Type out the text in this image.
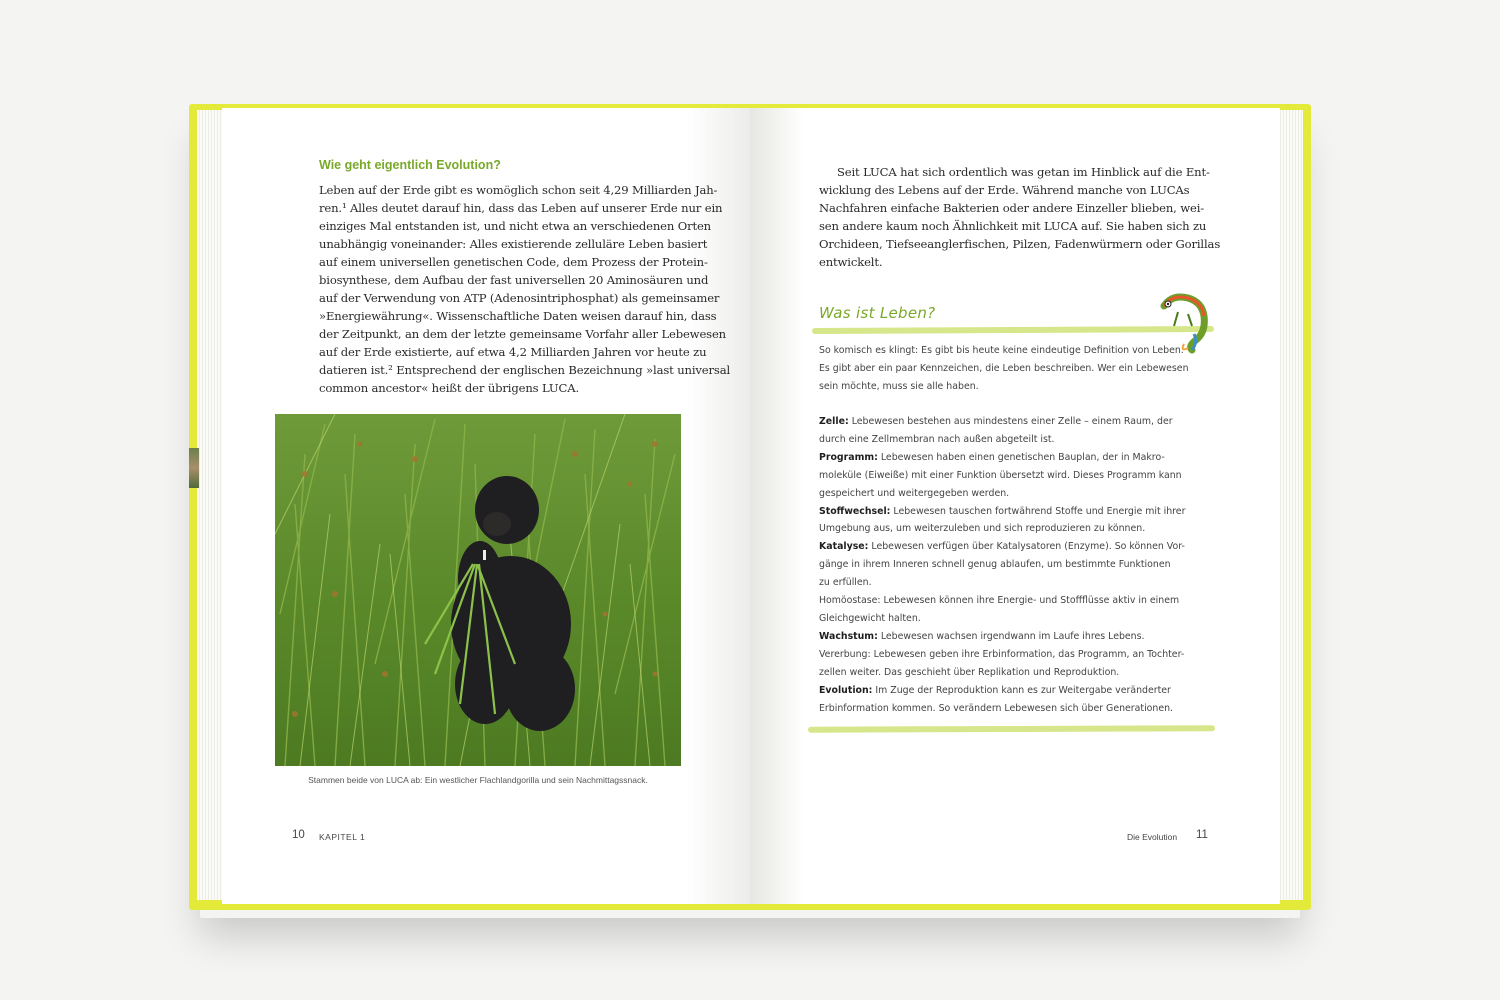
Wie geht eigentlich Evolution?
Leben auf der Erde gibt es womöglich schon seit 4,29 Milliarden Jah-
ren.¹ Alles deutet darauf hin, dass das Leben auf unserer Erde nur ein
einziges Mal entstanden ist, und nicht etwa an verschiedenen Orten
unabhängig voneinander: Alles existierende zelluläre Leben basiert
auf einem universellen genetischen Code, dem Prozess der Protein-
biosynthese, dem Aufbau der fast universellen 20 Aminosäuren und
auf der Verwendung von ATP (Adenosintriphosphat) als gemeinsamer
»Energiewährung«. Wissenschaftliche Daten weisen darauf hin, dass
der Zeitpunkt, an dem der letzte gemeinsame Vorfahr aller Lebewesen
auf der Erde existierte, auf etwa 4,2 Milliarden Jahren vor heute zu
datieren ist.² Entsprechend der englischen Bezeichnung »last universal
common ancestor« heißt der übrigens LUCA.
Stammen beide von LUCA ab: Ein westlicher Flachlandgorilla und sein Nachmittagssnack.
10 KAPITEL 1
Seit LUCA hat sich ordentlich was getan im Hinblick auf die Ent-
wicklung des Lebens auf der Erde. Während manche von LUCAs
Nachfahren einfache Bakterien oder andere Einzeller blieben, wei-
sen andere kaum noch Ähnlichkeit mit LUCA auf. Sie haben sich zu
Orchideen, Tiefseeanglerfischen, Pilzen, Fadenwürmern oder Gorillas
entwickelt.
Was ist Leben?
So komisch es klingt: Es gibt bis heute keine eindeutige Definition von Leben.
Es gibt aber ein paar Kennzeichen, die Leben beschreiben. Wer ein Lebewesen
sein möchte, muss sie alle haben.
Zelle: Lebewesen bestehen aus mindestens einer Zelle – einem Raum, der
durch eine Zellmembran nach außen abgeteilt ist.
Programm: Lebewesen haben einen genetischen Bauplan, der in Makro-
moleküle (Eiweiße) mit einer Funktion übersetzt wird. Dieses Programm kann
gespeichert und weitergegeben werden.
Stoffwechsel: Lebewesen tauschen fortwährend Stoffe und Energie mit ihrer
Umgebung aus, um weiterzuleben und sich reproduzieren zu können.
Katalyse: Lebewesen verfügen über Katalysatoren (Enzyme). So können Vor-
gänge in ihrem Inneren schnell genug ablaufen, um bestimmte Funktionen
zu erfüllen.
Homöostase: Lebewesen können ihre Energie- und Stoffflüsse aktiv in einem
Gleichgewicht halten.
Wachstum: Lebewesen wachsen irgendwann im Laufe ihres Lebens.
Vererbung: Lebewesen geben ihre Erbinformation, das Programm, an Tochter-
zellen weiter. Das geschieht über Replikation und Reproduktion.
Evolution: Im Zuge der Reproduktion kann es zur Weitergabe veränderter
Erbinformation kommen. So verändern Lebewesen sich über Generationen.
Die Evolution 11
